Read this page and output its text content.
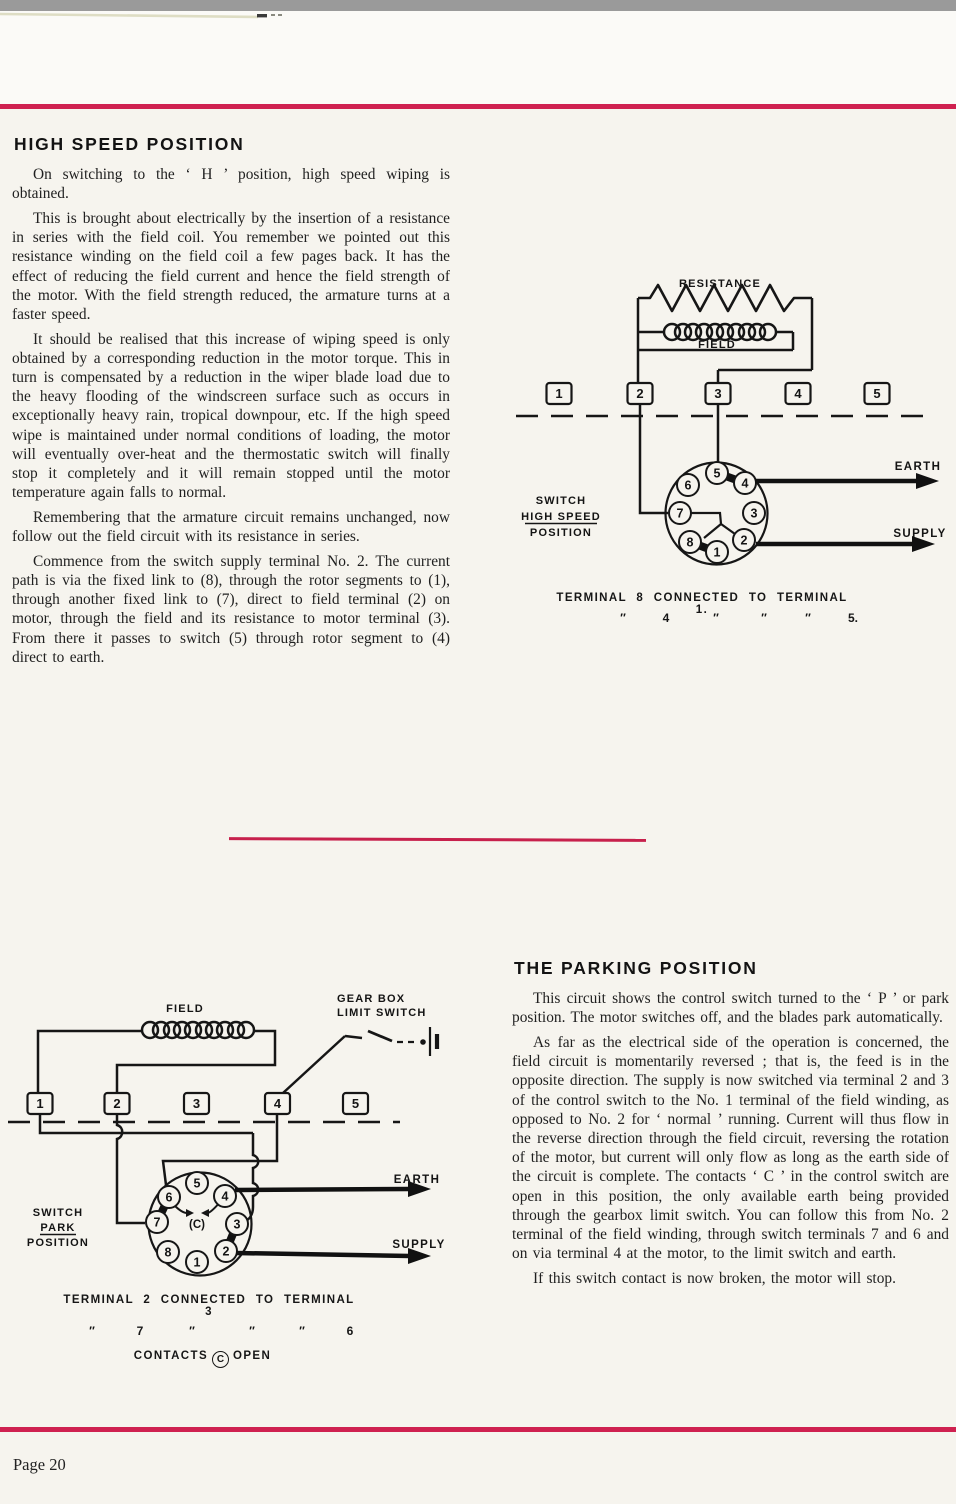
HIGH SPEED POSITION

On switching to the ‘ H ’ position, high speed wiping is obtained.

This is brought about electrically by the insertion of a resistance in series with the field coil. You remember we pointed out this resistance winding on the field coil a few pages back. It has the effect of reducing the field current and hence the field strength of the motor. With the field strength reduced, the armature turns at a faster speed.

It should be realised that this increase of wiping speed is only obtained by a corresponding reduction in the motor torque. This in turn is compensated by a reduction in the wiper blade load due to the heavy flooding of the windscreen surface such as occurs in exceptionally heavy rain, tropical downpour, etc. If the high speed wipe is maintained under normal conditions of loading, the motor will eventually over-heat and the thermostatic switch will finally stop it completely and it will remain stopped until the motor temperature again falls to normal.

Remembering that the armature circuit remains unchanged, now follow out the field circuit with its resistance in series.

Commence from the switch supply terminal No. 2. The current path is via the fixed link to (8), through the rotor segments to (1), through another fixed link to (7), direct to field terminal (2) on motor, through the field and its resistance to motor terminal (3). From there it passes to switch (5) through rotor segment to (4) direct to earth.

RESISTANCE
FIELD
1	2	3	4	5
5
6	4
7	3
8	2
1
EARTH
SUPPLY
SWITCH
HIGH SPEED
POSITION
TERMINAL 8 CONNECTED TO TERMINAL 1.
″	4	″	″	″	5.
GEAR BOX
LIMIT SWITCH
FIELD
1	2	3	4	5
(C)
5
6	4
7	3
8	2
1
EARTH
SUPPLY
SWITCH
PARK
POSITION
TERMINAL 2 CONNECTED TO TERMINAL 3
″	7	″	″	″	6
CONTACTS C OPEN
THE PARKING POSITION

This circuit shows the control switch turned to the ‘ P ’ or park position. The motor switches off, and the blades park automatically.

As far as the electrical side of the operation is concerned, the field circuit is momentarily reversed ; that is, the feed is in the opposite direction. The supply is now switched via terminal 2 and 3 of the control switch to the No. 1 terminal of the field winding, as opposed to No. 2 for ‘ normal ’ running. Current will thus flow in the reverse direction through the field circuit, reversing the rotation of the motor, but current will only flow as long as the earth side of the circuit is complete. The contacts ‘ C ’ in the control switch are open in this position, the only available earth being provided through the gearbox limit switch. You can follow this from No. 2 terminal of the field winding, through switch terminals 7 and 6 and on via terminal 4 at the motor, to the limit switch and earth.

If this switch contact is now broken, the motor will stop.

Page 20
